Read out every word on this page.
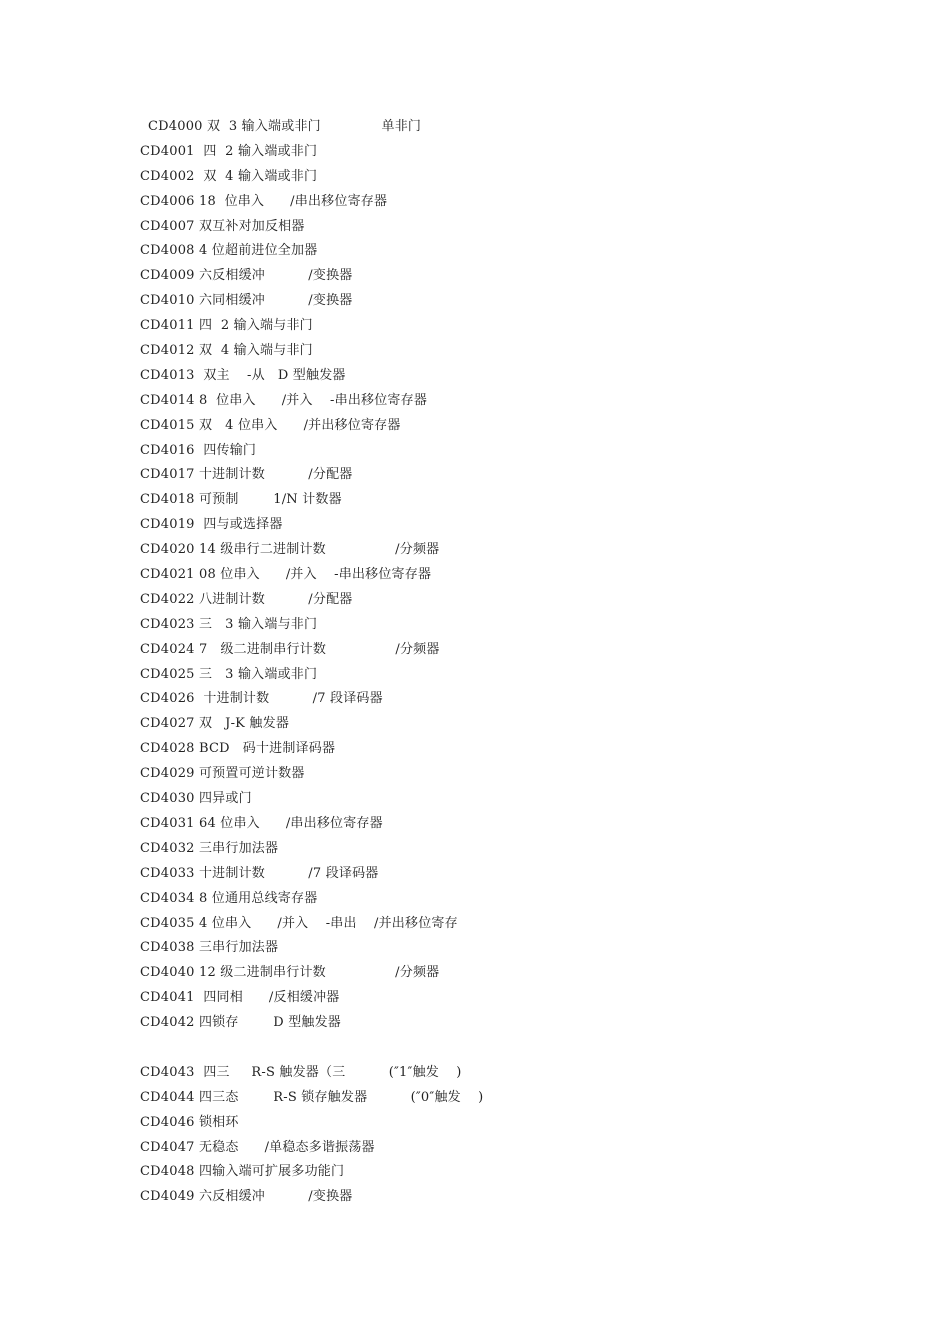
CD4000 双  3 输入端或非门              单非门
CD4001  四  2 输入端或非门
CD4002  双  4 输入端或非门
CD4006 18  位串入      /串出移位寄存器
CD4007 双互补对加反相器
CD4008 4 位超前进位全加器
CD4009 六反相缓冲          /变换器
CD4010 六同相缓冲          /变换器
CD4011 四  2 输入端与非门
CD4012 双  4 输入端与非门
CD4013  双主    -从   D 型触发器
CD4014 8  位串入      /并入    -串出移位寄存器
CD4015 双   4 位串入      /并出移位寄存器
CD4016  四传输门
CD4017 十进制计数          /分配器
CD4018 可预制        1/N 计数器
CD4019  四与或选择器
CD4020 14 级串行二进制计数                /分频器
CD4021 08 位串入      /并入    -串出移位寄存器
CD4022 八进制计数          /分配器
CD4023 三   3 输入端与非门
CD4024 7   级二进制串行计数                /分频器
CD4025 三   3 输入端或非门
CD4026  十进制计数          /7 段译码器
CD4027 双   J-K 触发器
CD4028 BCD   码十进制译码器
CD4029 可预置可逆计数器
CD4030 四异或门
CD4031 64 位串入      /串出移位寄存器
CD4032 三串行加法器
CD4033 十进制计数          /7 段译码器
CD4034 8 位通用总线寄存器
CD4035 4 位串入      /并入    -串出    /并出移位寄存
CD4038 三串行加法器
CD4040 12 级二进制串行计数                /分频器
CD4041  四同相      /反相缓冲器
CD4042 四锁存        D 型触发器
CD4043  四三     R-S 触发器（三          (″1″触发    )
CD4044 四三态        R-S 锁存触发器          (″0″触发    )
CD4046 锁相环
CD4047 无稳态      /单稳态多谐振荡器
CD4048 四输入端可扩展多功能门
CD4049 六反相缓冲          /变换器
